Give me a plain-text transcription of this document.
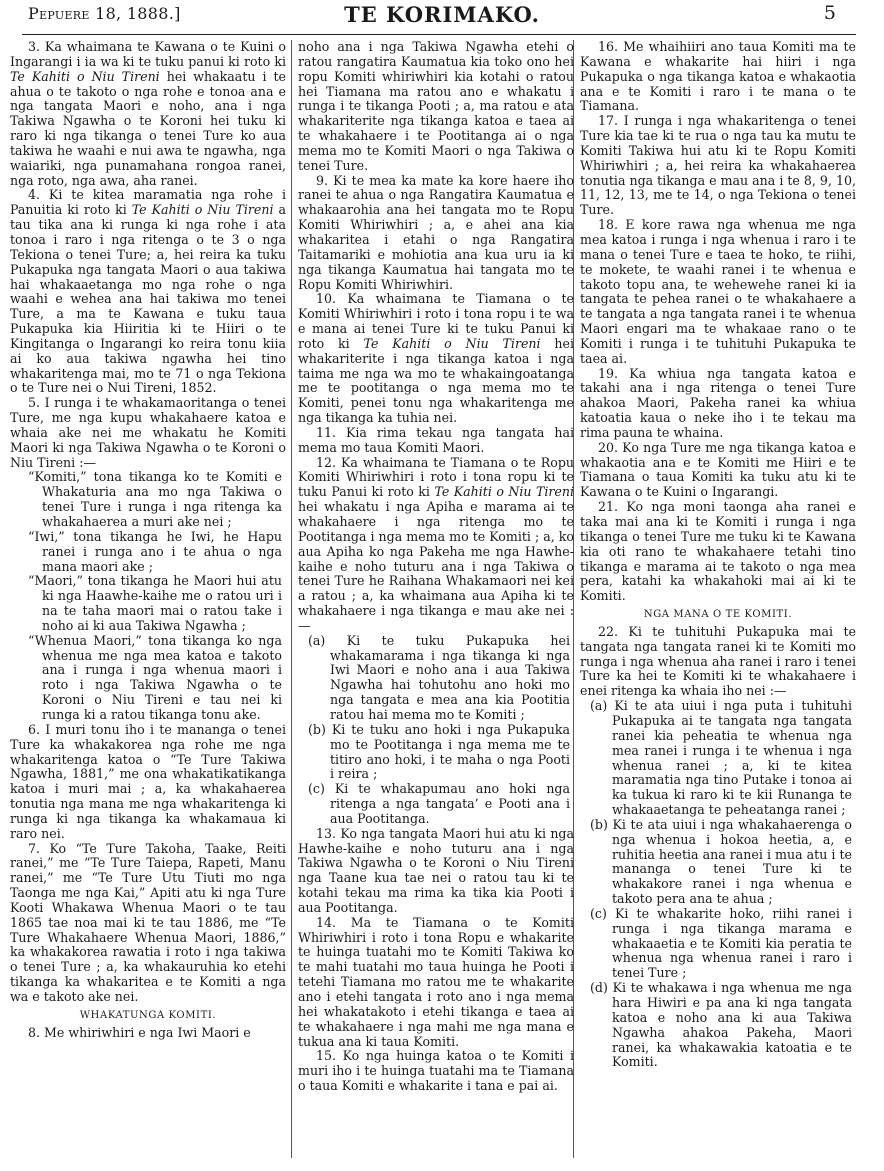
Pepuere 18, 1888.]	TE KORIMAKO.	5

3. Ka whaimana te Kawana o te Kuini o Ingarangi i ia wa ki te tuku panui ki roto ki Te Kahiti o Niu Tireni hei whakaatu i te ahua o te takoto o nga rohe e tonoa ana e nga tangata Maori e noho, ana i nga Takiwa Ngawha o te Koroni hei tuku ki raro ki nga tikanga o tenei Ture ko aua takiwa he waahi e nui awa te ngawha, nga waiariki, nga punamahana rongoa ranei, nga roto, nga awa, aha ranei.

4. Ki te kitea maramatia nga rohe i Panuitia ki roto ki Te Kahiti o Niu Tireni a tau tika ana ki runga ki nga rohe i ata tonoa i raro i nga ritenga o te 3 o nga Tekiona o tenei Ture; a, hei reira ka tuku Pukapuka nga tangata Maori o aua takiwa hai whakaaetanga mo nga rohe o nga waahi e wehea ana hai takiwa mo tenei Ture, a ma te Kawana e tuku taua Pukapuka kia Hiiritia ki te Hiiri o te Kingitanga o Ingarangi ko reira tonu kiia ai ko aua takiwa ngawha hei tino whakaritenga mai, mo te 71 o nga Tekiona o te Ture nei o Nui Tireni, 1852.

5. I runga i te whakamaoritanga o tenei Ture, me nga kupu whakahaere katoa e whaia ake nei me whakatu he Komiti Maori ki nga Takiwa Ngawha o te Koroni o Niu Tireni :—

“Komiti,” tona tikanga ko te Komiti e Whakaturia ana mo nga Takiwa o tenei Ture i runga i nga ritenga ka whakahaerea a muri ake nei ;

“Iwi,” tona tikanga he Iwi, he Hapu ranei i runga ano i te ahua o nga mana maori ake ;

“Maori,” tona tikanga he Maori hui atu ki nga Haawhe-kaihe me o ratou uri i na te taha maori mai o ratou take i noho ai ki aua Takiwa Ngawha ;

“Whenua Maori,” tona tikanga ko nga whenua me nga mea katoa e takoto ana i runga i nga whenua maori i roto i nga Takiwa Ngawha o te Koroni o Niu Tireni e tau nei ki runga ki a ratou tikanga tonu ake.

6. I muri tonu iho i te mananga o tenei Ture ka whakakorea nga rohe me nga whakaritenga katoa o “Te Ture Takiwa Ngawha, 1881,” me ona whakatikatikanga katoa i muri mai ; a, ka whakahaerea tonutia nga mana me nga whakaritenga ki runga ki nga tikanga ka whakamaua ki raro nei.

7. Ko “Te Ture Takoha, Taake, Reiti ranei,” me “Te Ture Taiepa, Rapeti, Manu ranei,” me “Te Ture Utu Tiuti mo nga Taonga me nga Kai,” Apiti atu ki nga Ture Kooti Whakawa Whenua Maori o te tau 1865 tae noa mai ki te tau 1886, me “Te Ture Whakahaere Whenua Maori, 1886,” ka whakakorea rawatia i roto i nga takiwa o tenei Ture ; a, ka whakauruhia ko etehi tikanga ka whakaritea e te Komiti a nga wa e takoto ake nei.

WHAKATUNGA KOMITI.

8. Me whiriwhiri e nga Iwi Maori e

noho ana i nga Takiwa Ngawha etehi o ratou rangatira Kaumatua kia toko ono hei ropu Komiti whiriwhiri kia kotahi o ratou hei Tiamana ma ratou ano e whakatu i runga i te tikanga Pooti ; a, ma ratou e ata whakariterite nga tikanga katoa e taea ai te whakahaere i te Pootitanga ai o nga mema mo te Komiti Maori o nga Takiwa o tenei Ture.

9. Ki te mea ka mate ka kore haere iho ranei te ahua o nga Rangatira Kaumatua e whakaarohia ana hei tangata mo te Ropu Komiti Whiriwhiri ; a, e ahei ana kia whakaritea i etahi o nga Rangatira Taitamariki e mohiotia ana kua uru ia ki nga tikanga Kaumatua hai tangata mo te Ropu Komiti Whiriwhiri.

10. Ka whaimana te Tiamana o te Komiti Whiriwhiri i roto i tona ropu i te wa e mana ai tenei Ture ki te tuku Panui ki roto ki Te Kahiti o Niu Tireni hei whakariterite i nga tikanga katoa i nga taima me nga wa mo te whakaingoatanga me te pootitanga o nga mema mo te Komiti, penei tonu nga whakaritenga me nga tikanga ka tuhia nei.

11. Kia rima tekau nga tangata hai mema mo taua Komiti Maori.

12. Ka whaimana te Tiamana o te Ropu Komiti Whiriwhiri i roto i tona ropu ki te tuku Panui ki roto ki Te Kahiti o Niu Tireni hei whakatu i nga Apiha e marama ai te whakahaere i nga ritenga mo te Pootitanga i nga mema mo te Komiti ; a, ko aua Apiha ko nga Pakeha me nga Hawhe-kaihe e noho tuturu ana i nga Takiwa o tenei Ture he Raihana Whakamaori nei kei a ratou ; a, ka whaimana aua Apiha ki te whakahaere i nga tikanga e mau ake nei :—

(a) Ki te tuku Pukapuka hei whakamarama i nga tikanga ki nga Iwi Maori e noho ana i aua Takiwa Ngawha hai tohutohu ano hoki mo nga tangata e mea ana kia Pootitia ratou hai mema mo te Komiti ;

(b) Ki te tuku ano hoki i nga Pukapuka mo te Pootitanga i nga mema me te titiro ano hoki, i te maha o nga Pooti i reira ;

(c) Ki te whakapumau ano hoki nga ritenga a nga tangata’ e Pooti ana i aua Pootitanga.

13. Ko nga tangata Maori hui atu ki nga Hawhe-kaihe e noho tuturu ana i nga Takiwa Ngawha o te Koroni o Niu Tireni nga Taane kua tae nei o ratou tau ki te kotahi tekau ma rima ka tika kia Pooti i aua Pootitanga.

14. Ma te Tiamana o te Komiti Whiriwhiri i roto i tona Ropu e whakarite te huinga tuatahi mo te Komiti Takiwa ko te mahi tuatahi mo taua huinga he Pooti i tetehi Tiamana mo ratou me te whakarite ano i etehi tangata i roto ano i nga mema hei whakatakoto i etehi tikanga e taea ai te whakahaere i nga mahi me nga mana e tukua ana ki taua Komiti.

15. Ko nga huinga katoa o te Komiti i muri iho i te huinga tuatahi ma te Tiamana o taua Komiti e whakarite i tana e pai ai.

16. Me whaihiiri ano taua Komiti ma te Kawana e whakarite hai hiiri i nga Pukapuka o nga tikanga katoa e whakaotia ana e te Komiti i raro i te mana o te Tiamana.

17. I runga i nga whakaritenga o tenei Ture kia tae ki te rua o nga tau ka mutu te Komiti Takiwa hui atu ki te Ropu Komiti Whiriwhiri ; a, hei reira ka whakahaerea tonutia nga tikanga e mau ana i te 8, 9, 10, 11, 12, 13, me te 14, o nga Tekiona o tenei Ture.

18. E kore rawa nga whenua me nga mea katoa i runga i nga whenua i raro i te mana o tenei Ture e taea te hoko, te riihi, te mokete, te waahi ranei i te whenua e takoto topu ana, te wehewehe ranei ki ia tangata te pehea ranei o te whakahaere a te tangata a nga tangata ranei i te whenua Maori engari ma te whakaae rano o te Komiti i runga i te tuhituhi Pukapuka te taea ai.

19. Ka whiua nga tangata katoa e takahi ana i nga ritenga o tenei Ture ahakoa Maori, Pakeha ranei ka whiua katoatia kaua o neke iho i te tekau ma rima pauna te whaina.

20. Ko nga Ture me nga tikanga katoa e whakaotia ana e te Komiti me Hiiri e te Tiamana o taua Komiti ka tuku atu ki te Kawana o te Kuini o Ingarangi.

21. Ko nga moni taonga aha ranei e taka mai ana ki te Komiti i runga i nga tikanga o tenei Ture me tuku ki te Kawana kia oti rano te whakahaere tetahi tino tikanga e marama ai te takoto o nga mea pera, katahi ka whakahoki mai ai ki te Komiti.

NGA MANA O TE KOMITI.

22. Ki te tuhituhi Pukapuka mai te tangata nga tangata ranei ki te Komiti mo runga i nga whenua aha ranei i raro i tenei Ture ka hei te Komiti ki te whakahaere i enei ritenga ka whaia iho nei :—

(a) Ki te ata uiui i nga puta i tuhituhi Pukapuka ai te tangata nga tangata ranei kia peheatia te whenua nga mea ranei i runga i te whenua i nga whenua ranei ; a, ki te kitea maramatia nga tino Putake i tonoa ai ka tukua ki raro ki te kii Runanga te whakaaetanga te peheatanga ranei ;

(b) Ki te ata uiui i nga whakahaerenga o nga whenua i hokoa heetia, a, e ruhitia heetia ana ranei i mua atu i te mananga o tenei Ture ki te whakakore ranei i nga whenua e takoto pera ana te ahua ;

(c) Ki te whakarite hoko, riihi ranei i runga i nga tikanga marama e whakaaetia e te Komiti kia peratia te whenua nga whenua ranei i raro i tenei Ture ;

(d) Ki te whakawa i nga whenua me nga hara Hiwiri e pa ana ki nga tangata katoa e noho ana ki aua Takiwa Ngawha ahakoa Pakeha, Maori ranei, ka whakawakia katoatia e te Komiti.
